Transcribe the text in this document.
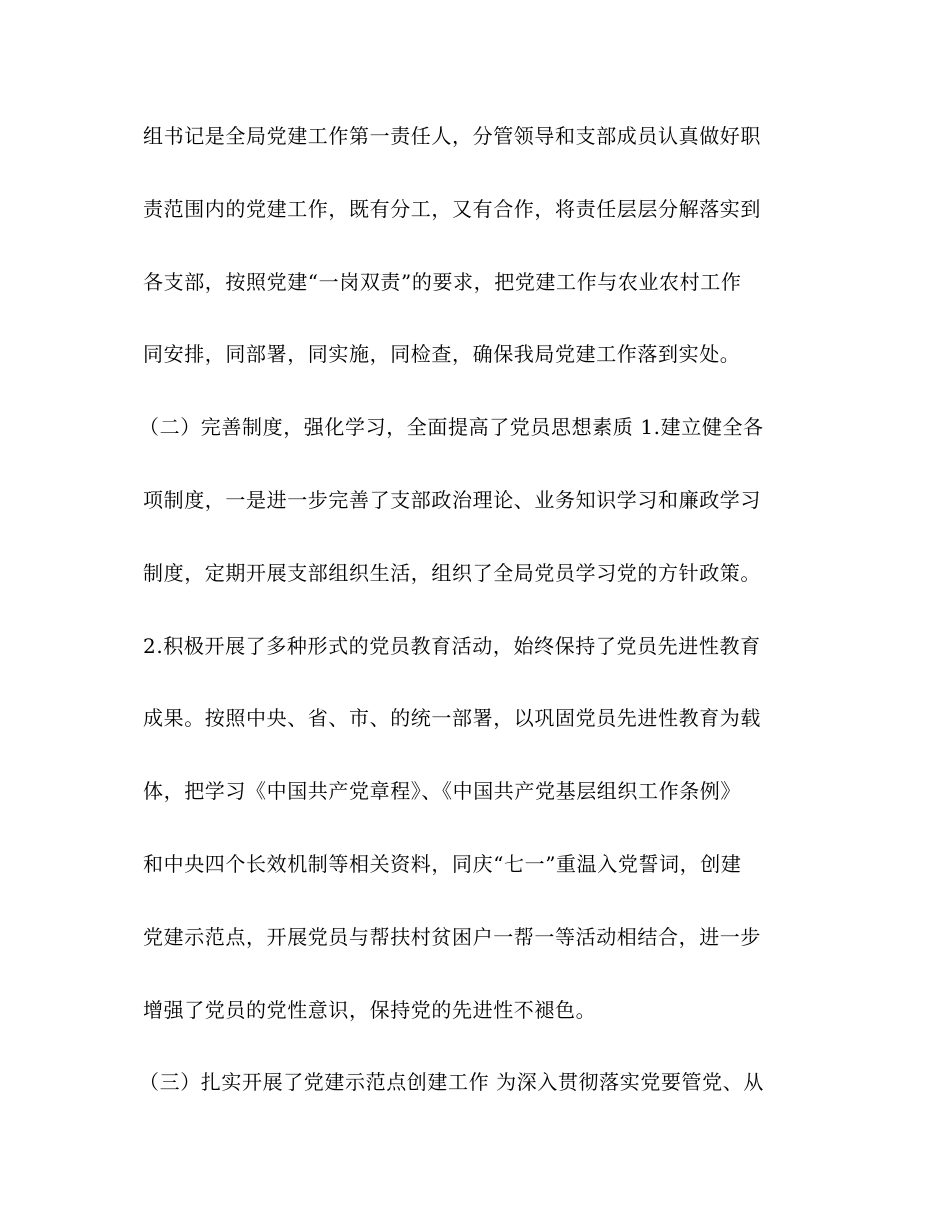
组书记是全局党建工作第一责任人，分管领导和支部成员认真做好职
责范围内的党建工作，既有分工，又有合作，将责任层层分解落实到
各支部，按照党建“一岗双责”的要求，把党建工作与农业农村工作
同安排，同部署，同实施，同检查，确保我局党建工作落到实处。
（二）完善制度，强化学习，全面提高了党员思想素质 1.建立健全各
项制度，一是进一步完善了支部政治理论、业务知识学习和廉政学习
制度，定期开展支部组织生活，组织了全局党员学习党的方针政策。
2.积极开展了多种形式的党员教育活动，始终保持了党员先进性教育
成果。按照中央、省、市、的统一部署，以巩固党员先进性教育为载
体，把学习《中国共产党章程》、《中国共产党基层组织工作条例》
和中央四个长效机制等相关资料，同庆“七一”重温入党誓词，创建
党建示范点，开展党员与帮扶村贫困户一帮一等活动相结合，进一步
增强了党员的党性意识，保持党的先进性不褪色。
（三）扎实开展了党建示范点创建工作 为深入贯彻落实党要管党、从
